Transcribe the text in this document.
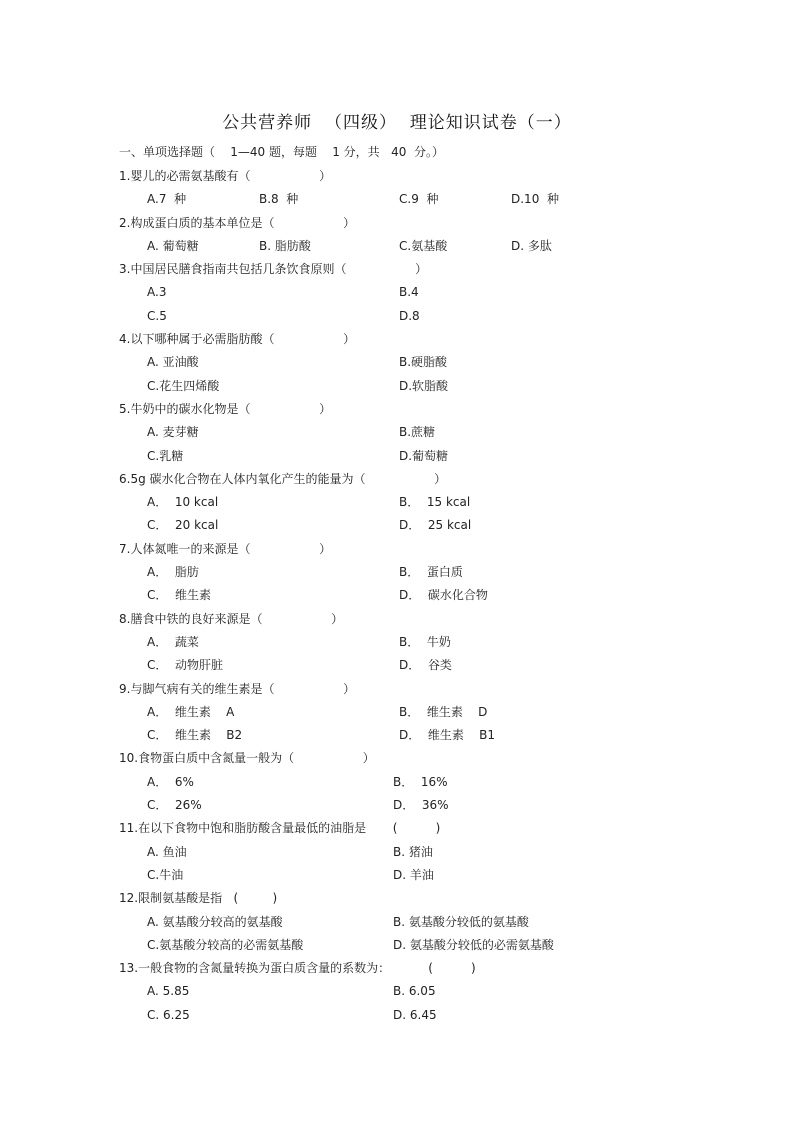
公共营养师  （四级）  理论知识试卷（一）
一、单项选择题（    1—40 题，每题    1 分，共   40  分。）
1.婴儿的必需氨基酸有（                  ）
A.7  种	B.8  种	C.9  种	D.10  种
2.构成蛋白质的基本单位是（                  ）
A. 葡萄糖	B. 脂肪酸	C.氨基酸	D. 多肽
3.中国居民膳食指南共包括几条饮食原则（                  ）
A.3	B.4
C.5	D.8
4.以下哪种属于必需脂肪酸（                  ）
A. 亚油酸	B.硬脂酸
C.花生四烯酸	D.软脂酸
5.牛奶中的碳水化物是（                  ）
A. 麦芽糖	B.蔗糖
C.乳糖	D.葡萄糖
6.5g 碳水化合物在人体内氧化产生的能量为（                  ）
A．  10 kcal	B．  15 kcal
C．  20 kcal	D．  25 kcal
7.人体氮唯一的来源是（                  ）
A．  脂肪	B．  蛋白质
C．  维生素	D．  碳水化合物
8.膳食中铁的良好来源是（                  ）
A．  蔬菜	B．  牛奶
C．  动物肝脏	D．  谷类
9.与脚气病有关的维生素是（                  ）
A．  维生素    A	B．  维生素    D
C．  维生素    B2	D．  维生素    B1
10.食物蛋白质中含氮量一般为（                  ）
A．  6%	B．  16%
C．  26%	D．  36%
11.在以下食物中饱和脂肪酸含量最低的油脂是       (          )
A. 鱼油	B. 猪油
C.牛油	D. 羊油
12.限制氨基酸是指   (         )
A. 氨基酸分较高的氨基酸	B. 氨基酸分较低的氨基酸
C.氨基酸分较高的必需氨基酸	D. 氨基酸分较低的必需氨基酸
13.一般食物的含氮量转换为蛋白质含量的系数为：          (          )
A. 5.85	B. 6.05
C. 6.25	D. 6.45
